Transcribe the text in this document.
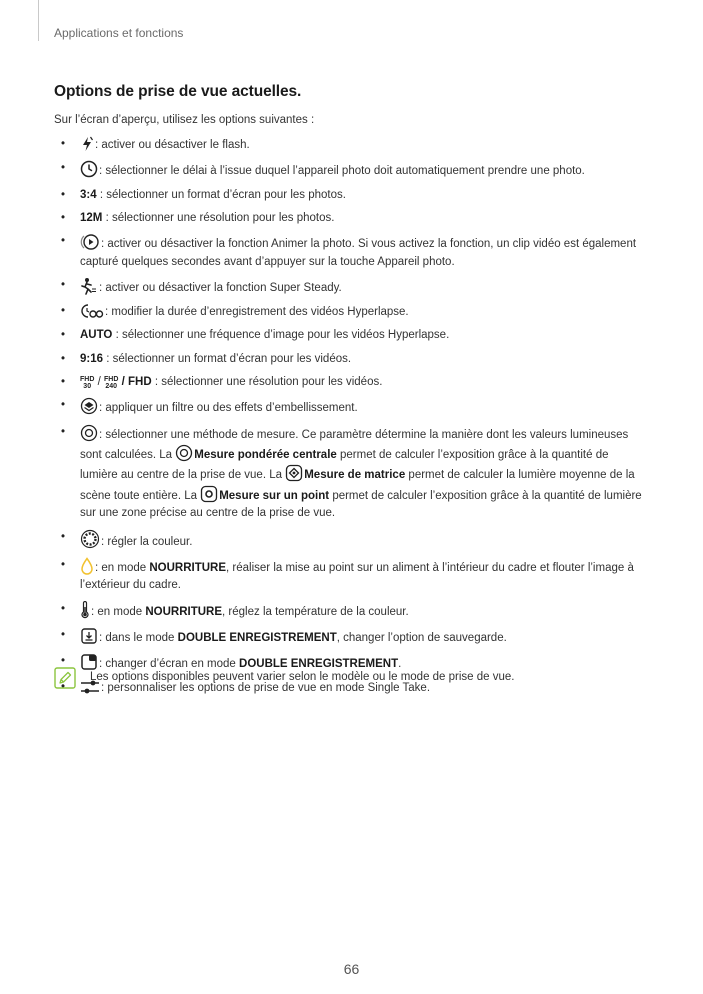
Applications et fonctions
Options de prise de vue actuelles.
Sur l’écran d’aperçu, utilisez les options suivantes :
• : activer ou désactiver le flash.
• : sélectionner le délai à l’issue duquel l’appareil photo doit automatiquement prendre une photo.
• 3:4 : sélectionner un format d’écran pour les photos.
• 12M : sélectionner une résolution pour les photos.
• : activer ou désactiver la fonction Animer la photo. Si vous activez la fonction, un clip vidéo est également capturé quelques secondes avant d’appuyer sur la touche Appareil photo.
• : activer ou désactiver la fonction Super Steady.
• : modifier la durée d’enregistrement des vidéos Hyperlapse.
• AUTO : sélectionner une fréquence d’image pour les vidéos Hyperlapse.
• 9:16 : sélectionner un format d’écran pour les vidéos.
• FHD
30 / FHD
240 / FHD : sélectionner une résolution pour les vidéos.
• : appliquer un filtre ou des effets d’embellissement.
• : sélectionner une méthode de mesure. Ce paramètre détermine la manière dont les valeurs lumineuses sont calculées. La Mesure pondérée centrale permet de calculer l’exposition grâce à la quantité de lumière au centre de la prise de vue. La Mesure de matrice permet de calculer la lumière moyenne de la scène toute entière. La Mesure sur un point permet de calculer l’exposition grâce à la quantité de lumière sur une zone précise au centre de la prise de vue.
• : régler la couleur.
• : en mode NOURRITURE, réaliser la mise au point sur un aliment à l’intérieur du cadre et flouter l’image à l’extérieur du cadre.
• : en mode NOURRITURE, réglez la température de la couleur.
• : dans le mode DOUBLE ENREGISTREMENT, changer l’option de sauvegarde.
• : changer d’écran en mode DOUBLE ENREGISTREMENT.
• : personnaliser les options de prise de vue en mode Single Take.
Les options disponibles peuvent varier selon le modèle ou le mode de prise de vue.
66
